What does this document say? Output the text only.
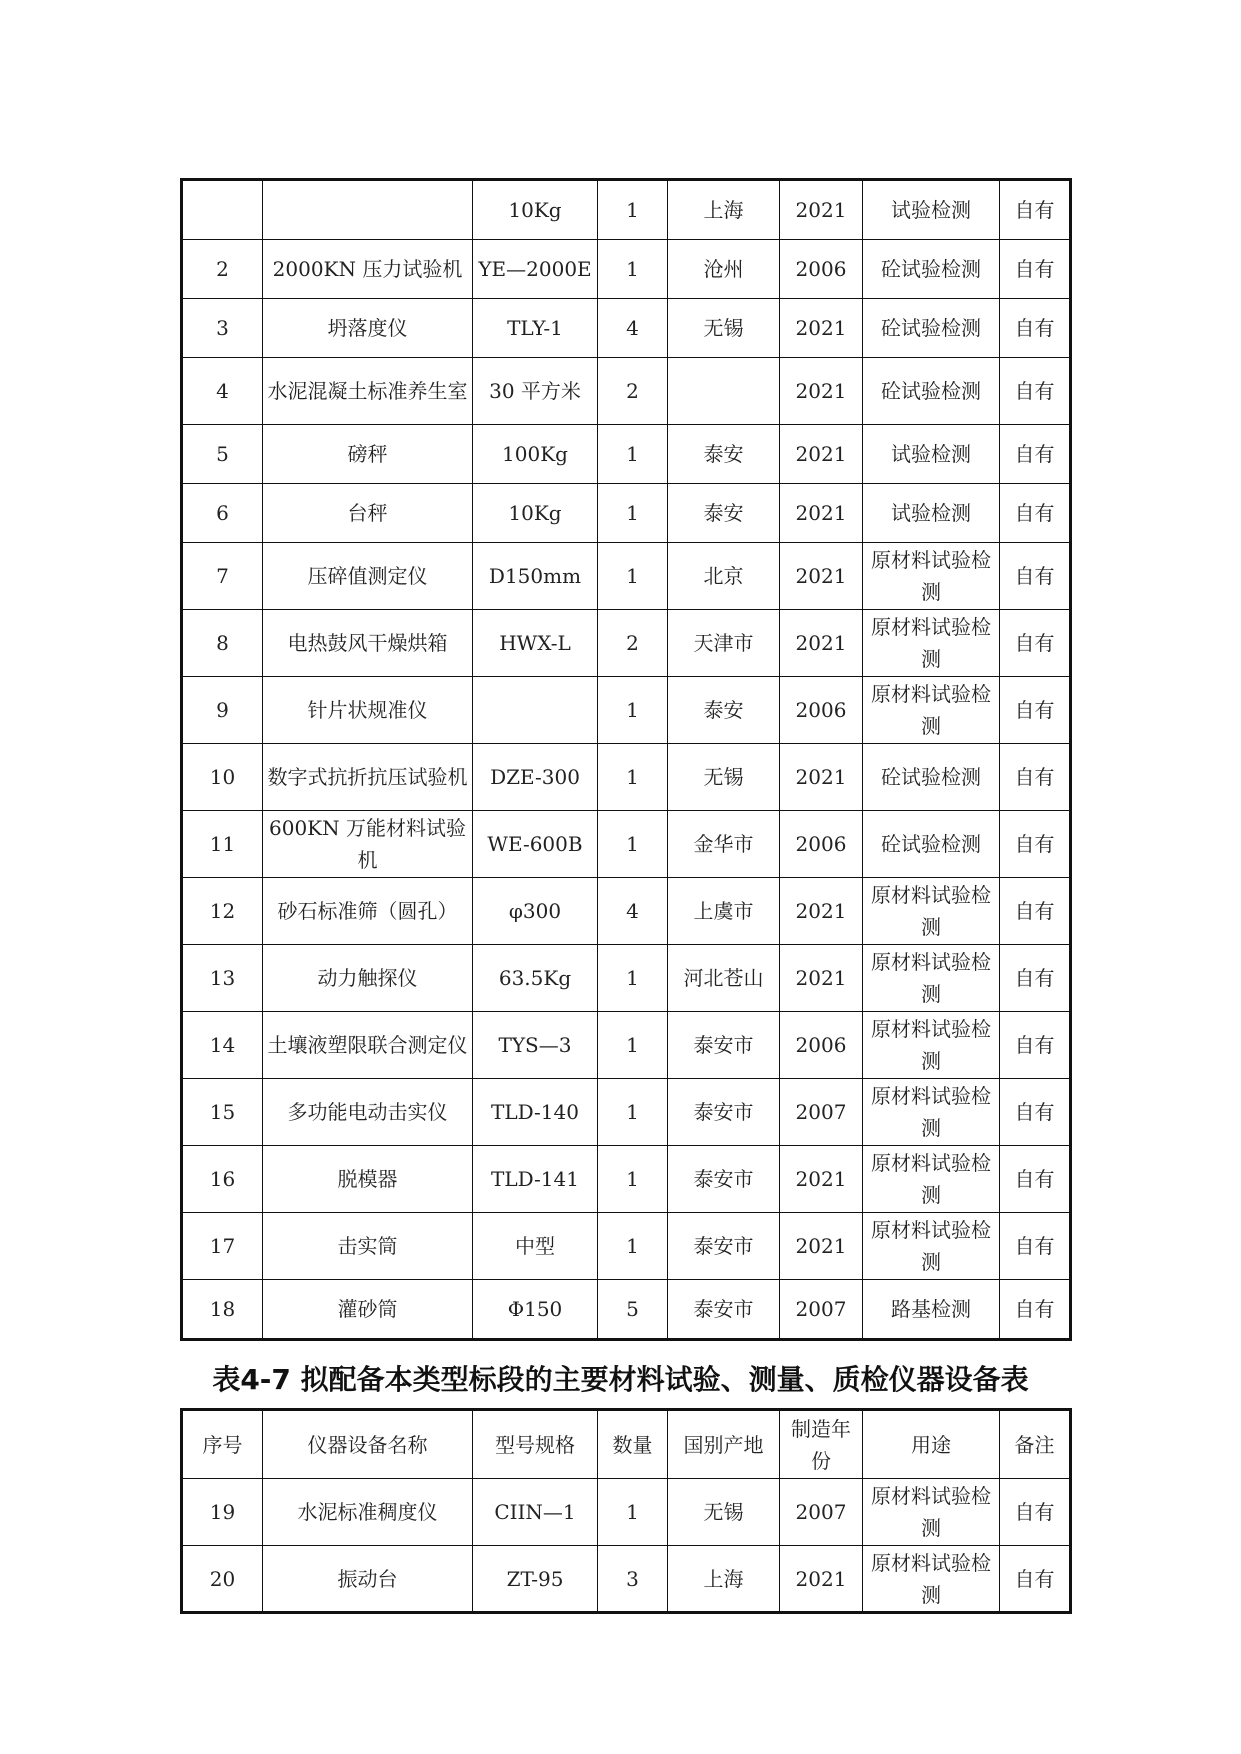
		10Kg	1	上海	2021	试验检测	自有
2	2000KN 压力试验机	YE—2000E	1	沧州	2006	砼试验检测	自有
3	坍落度仪	TLY-1	4	无锡	2021	砼试验检测	自有
4	水泥混凝土标准养生室	30 平方米	2		2021	砼试验检测	自有
5	磅秤	100Kg	1	泰安	2021	试验检测	自有
6	台秤	10Kg	1	泰安	2021	试验检测	自有
7	压碎值测定仪	D150mm	1	北京	2021	原材料试验检测	自有
8	电热鼓风干燥烘箱	HWX-L	2	天津市	2021	原材料试验检测	自有
9	针片状规准仪		1	泰安	2006	原材料试验检测	自有
10	数字式抗折抗压试验机	DZE-300	1	无锡	2021	砼试验检测	自有
11	600KN 万能材料试验机	WE-600B	1	金华市	2006	砼试验检测	自有
12	砂石标准筛（圆孔）	φ300	4	上虞市	2021	原材料试验检测	自有
13	动力触探仪	63.5Kg	1	河北苍山	2021	原材料试验检测	自有
14	土壤液塑限联合测定仪	TYS—3	1	泰安市	2006	原材料试验检测	自有
15	多功能电动击实仪	TLD-140	1	泰安市	2007	原材料试验检测	自有
16	脱模器	TLD-141	1	泰安市	2021	原材料试验检测	自有
17	击实筒	中型	1	泰安市	2021	原材料试验检测	自有
18	灌砂筒	Φ150	5	泰安市	2007	路基检测	自有
表4-7 拟配备本类型标段的主要材料试验、测量、质检仪器设备表
序号	仪器设备名称	型号规格	数量	国别产地	制造年份	用途	备注
19	水泥标准稠度仪	CIIN—1	1	无锡	2007	原材料试验检测	自有
20	振动台	ZT-95	3	上海	2021	原材料试验检测	自有
